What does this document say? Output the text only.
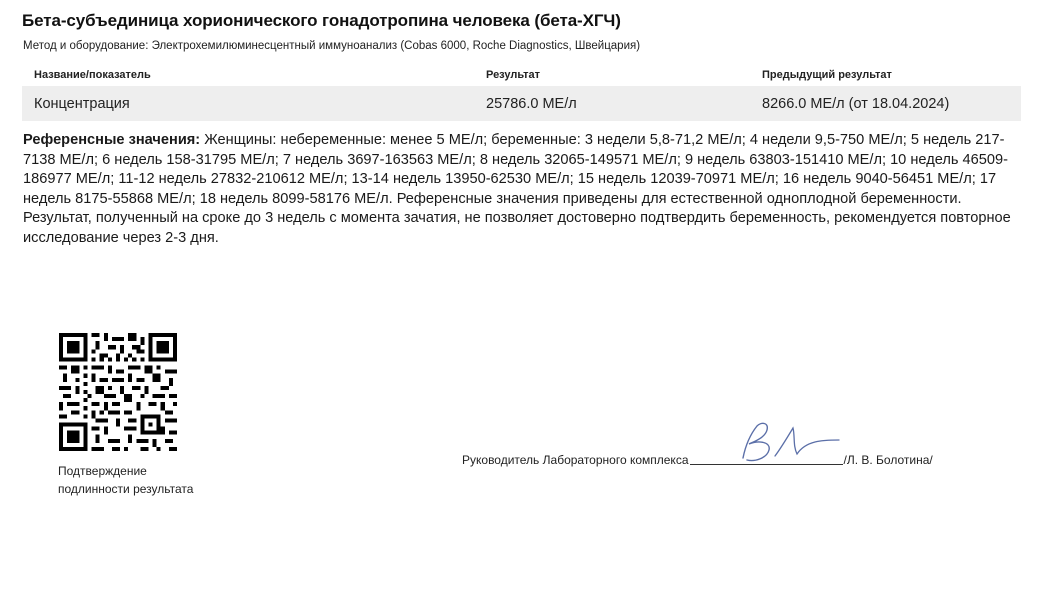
Бета-субъединица хорионического гонадотропина человека (бета-ХГЧ)
Метод и оборудование: Электрохемилюминесцентный иммуноанализ (Cobas 6000, Roche Diagnostics, Швейцария)
Название/показатель	Результат	Предыдущий результат
Концентрация	25786.0 МЕ/л	8266.0 МЕ/л (от 18.04.2024)
Референсные значения: Женщины: небеременные: менее 5 МЕ/л; беременные: 3 недели 5,8-71,2 МЕ/л; 4 недели 9,5-750 МЕ/л; 5 недель 217-7138 МЕ/л; 6 недель 158-31795 МЕ/л; 7 недель 3697-163563 МЕ/л; 8 недель 32065-149571 МЕ/л; 9 недель 63803-151410 МЕ/л; 10 недель 46509-186977 МЕ/л; 11-12 недель 27832-210612 МЕ/л; 13-14 недель 13950-62530 МЕ/л; 15 недель 12039-70971 МЕ/л; 16 недель 9040-56451 МЕ/л; 17 недель 8175-55868 МЕ/л; 18 недель 8099-58176 МЕ/л. Референсные значения приведены для естественной одноплодной беременности. Результат, полученный на сроке до 3 недель с момента зачатия, не позволяет достоверно подтвердить беременность, рекомендуется повторное исследование через 2-3 дня.
Подтверждение
подлинности результата
Руководитель Лабораторного комплекса	/Л. В. Болотина/
